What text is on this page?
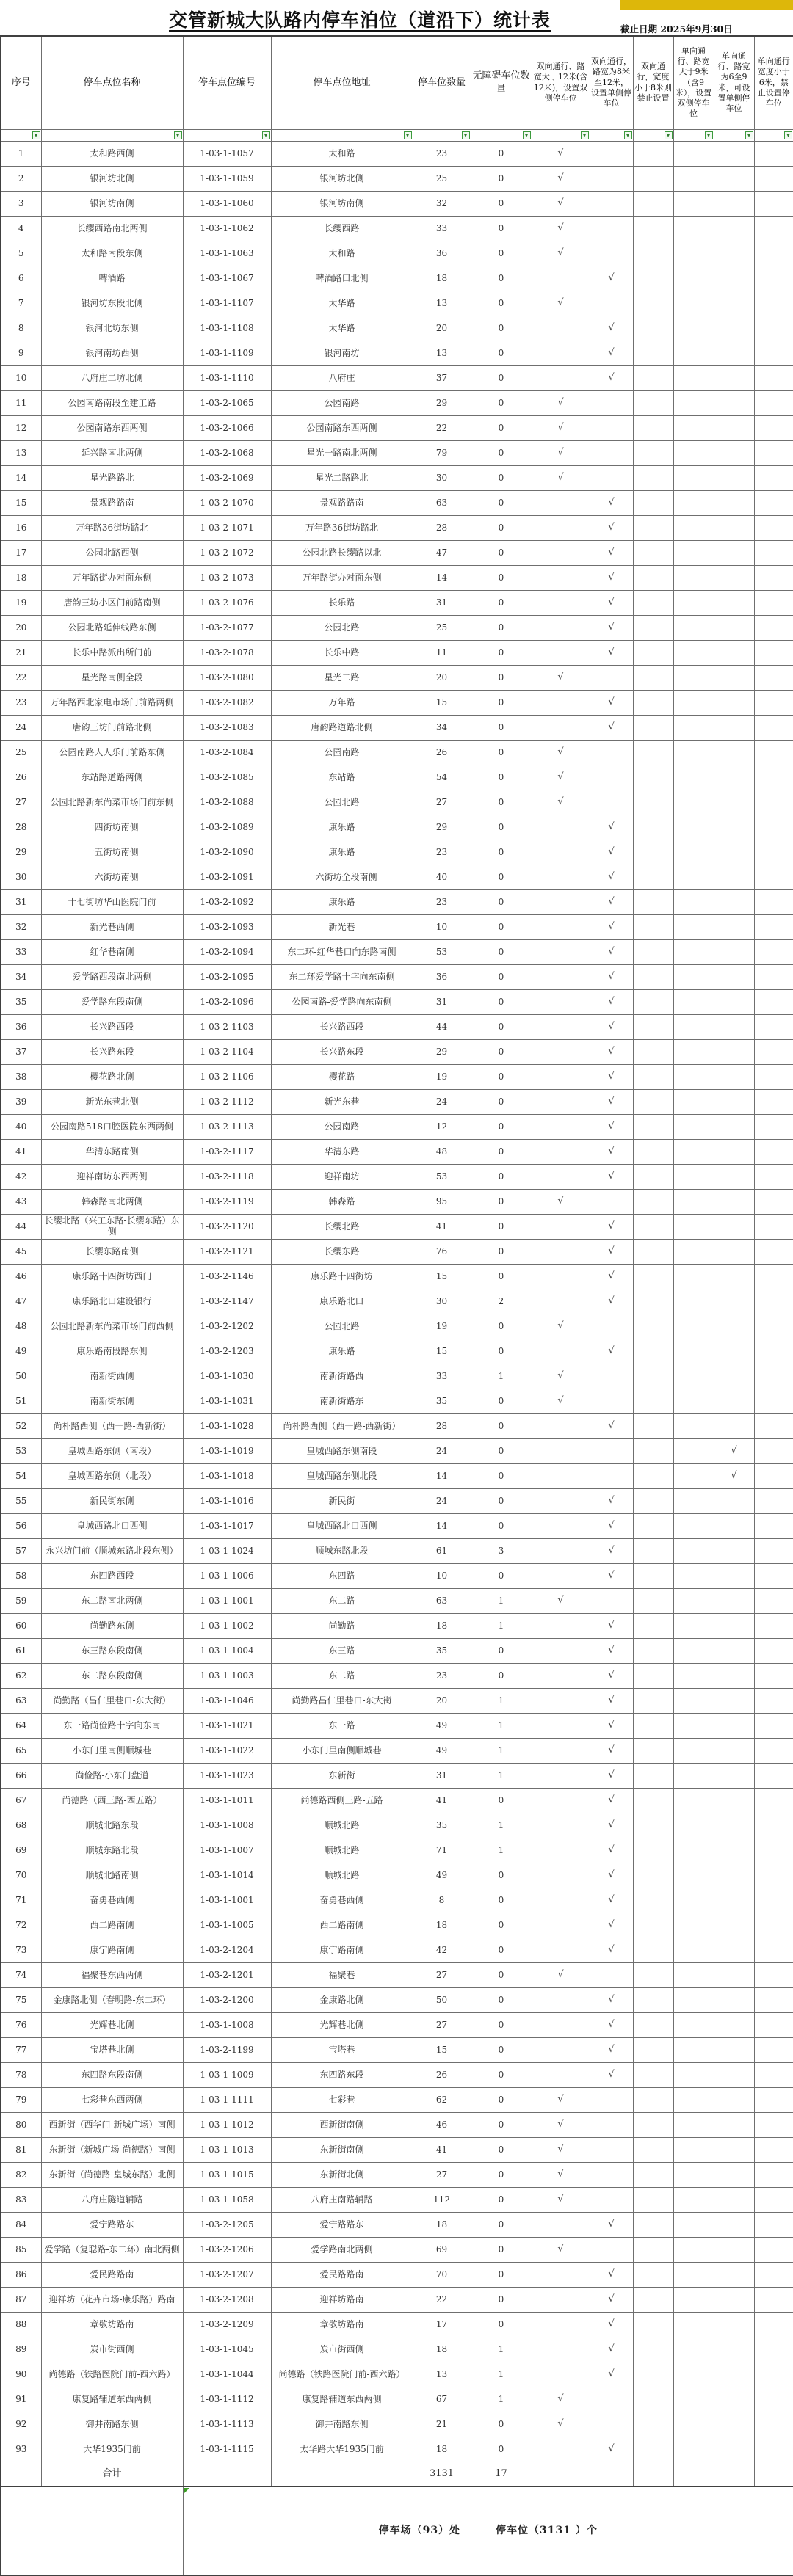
交管新城大队路内停车泊位（道沿下）统计表	截止日期 2025年9月30日
序号	停车点位名称	停车点位编号	停车点位地址	停车位数量	无障碍车位数量	双向通行、路宽大于12米(含12米)，设置双侧停车位	双向通行，路宽为8米至12米，设置单侧停车位	双向通行，宽度小于8米则禁止设置	单向通行、路宽大于9米（含9米），设置双侧停车位	单向通行、路宽为6至9米，可设置单侧停车位	单向通行宽度小于6米，禁止设置停车位

▾	▾	▾	▾	▾	▾	▾	▾	▾	▾	▾	▾

1	太和路西侧	1-03-1-1057	太和路	23	0	√					
2	银河坊北侧	1-03-1-1059	银河坊北侧	25	0	√					
3	银河坊南侧	1-03-1-1060	银河坊南侧	32	0	√					
4	长缨西路南北两侧	1-03-1-1062	长缨西路	33	0	√					
5	太和路南段东侧	1-03-1-1063	太和路	36	0	√					
6	啤酒路	1-03-1-1067	啤酒路口北侧	18	0		√				
7	银河坊东段北侧	1-03-1-1107	太华路	13	0	√					
8	银河北坊东侧	1-03-1-1108	太华路	20	0		√				
9	银河南坊西侧	1-03-1-1109	银河南坊	13	0		√				
10	八府庄二坊北侧	1-03-1-1110	八府庄	37	0		√				
11	公园南路南段至建工路	1-03-2-1065	公园南路	29	0	√					
12	公园南路东西两侧	1-03-2-1066	公园南路东西两侧	22	0	√					
13	延兴路南北两侧	1-03-2-1068	星光一路南北两侧	79	0	√					
14	星光路路北	1-03-2-1069	星光二路路北	30	0	√					
15	景观路路南	1-03-2-1070	景观路路南	63	0		√				
16	万年路36街坊路北	1-03-2-1071	万年路36街坊路北	28	0		√				
17	公园北路西侧	1-03-2-1072	公园北路长缨路以北	47	0		√				
18	万年路街办对面东侧	1-03-2-1073	万年路街办对面东侧	14	0		√				
19	唐韵三坊小区门前路南侧	1-03-2-1076	长乐路	31	0		√				
20	公园北路延伸线路东侧	1-03-2-1077	公园北路	25	0		√				
21	长乐中路派出所门前	1-03-2-1078	长乐中路	11	0		√				
22	星光路南侧全段	1-03-2-1080	星光二路	20	0	√					
23	万年路西北家电市场门前路两侧	1-03-2-1082	万年路	15	0		√				
24	唐韵三坊门前路北侧	1-03-2-1083	唐韵路道路北侧	34	0		√				
25	公园南路人人乐门前路东侧	1-03-2-1084	公园南路	26	0	√					
26	东站路道路两侧	1-03-2-1085	东站路	54	0	√					
27	公园北路新东尚菜市场门前东侧	1-03-2-1088	公园北路	27	0	√					
28	十四街坊南侧	1-03-2-1089	康乐路	29	0		√				
29	十五街坊南侧	1-03-2-1090	康乐路	23	0		√				
30	十六街坊南侧	1-03-2-1091	十六街坊全段南侧	40	0		√				
31	十七街坊华山医院门前	1-03-2-1092	康乐路	23	0		√				
32	新光巷西侧	1-03-2-1093	新光巷	10	0		√				
33	红华巷南侧	1-03-2-1094	东二环-红华巷口向东路南侧	53	0		√				
34	爱学路西段南北两侧	1-03-2-1095	东二环爱学路十字向东南侧	36	0		√				
35	爱学路东段南侧	1-03-2-1096	公园南路-爱学路向东南侧	31	0		√				
36	长兴路西段	1-03-2-1103	长兴路西段	44	0		√				
37	长兴路东段	1-03-2-1104	长兴路东段	29	0		√				
38	樱花路北侧	1-03-2-1106	樱花路	19	0		√				
39	新光东巷北侧	1-03-2-1112	新光东巷	24	0		√				
40	公园南路518口腔医院东西两侧	1-03-2-1113	公园南路	12	0		√				
41	华清东路南侧	1-03-2-1117	华清东路	48	0		√				
42	迎祥南坊东西两侧	1-03-2-1118	迎祥南坊	53	0		√				
43	韩森路南北两侧	1-03-2-1119	韩森路	95	0	√					
44	长缨北路（兴工东路-长缨东路）东侧	1-03-2-1120	长缨北路	41	0		√				
45	长缨东路南侧	1-03-2-1121	长缨东路	76	0		√				
46	康乐路十四街坊西门	1-03-2-1146	康乐路十四街坊	15	0		√				
47	康乐路北口建设银行	1-03-2-1147	康乐路北口	30	2		√				
48	公园北路新东尚菜市场门前西侧	1-03-2-1202	公园北路	19	0	√					
49	康乐路南段路东侧	1-03-2-1203	康乐路	15	0		√				
50	南新街西侧	1-03-1-1030	南新街路西	33	1	√					
51	南新街东侧	1-03-1-1031	南新街路东	35	0	√					
52	尚朴路西侧（西一路-西新街）	1-03-1-1028	尚朴路西侧（西一路-西新街）	28	0		√				
53	皇城西路东侧（南段）	1-03-1-1019	皇城西路东侧南段	24	0					√	
54	皇城西路东侧（北段）	1-03-1-1018	皇城西路东侧北段	14	0					√	
55	新民街东侧	1-03-1-1016	新民街	24	0		√				
56	皇城西路北口西侧	1-03-1-1017	皇城西路北口西侧	14	0		√				
57	永兴坊门前（顺城东路北段东侧）	1-03-1-1024	顺城东路北段	61	3		√				
58	东四路西段	1-03-1-1006	东四路	10	0		√				
59	东二路南北两侧	1-03-1-1001	东二路	63	1	√					
60	尚勤路东侧	1-03-1-1002	尚勤路	18	1		√				
61	东三路东段南侧	1-03-1-1004	东三路	35	0		√				
62	东二路东段南侧	1-03-1-1003	东二路	23	0		√				
63	尚勤路（昌仁里巷口-东大街）	1-03-1-1046	尚勤路昌仁里巷口-东大街	20	1		√				
64	东一路尚俭路十字向东南	1-03-1-1021	东一路	49	1		√				
65	小东门里南侧顺城巷	1-03-1-1022	小东门里南侧顺城巷	49	1		√				
66	尚俭路-小东门盘道	1-03-1-1023	东新街	31	1		√				
67	尚德路（西三路-西五路）	1-03-1-1011	尚德路西侧三路-五路	41	0		√				
68	顺城北路东段	1-03-1-1008	顺城北路	35	1		√				
69	顺城东路北段	1-03-1-1007	顺城北路	71	1		√				
70	顺城北路南侧	1-03-1-1014	顺城北路	49	0		√				
71	奋勇巷西侧	1-03-1-1001	奋勇巷西侧	8	0		√				
72	西二路南侧	1-03-1-1005	西二路南侧	18	0		√				
73	康宁路南侧	1-03-2-1204	康宁路南侧	42	0		√				
74	福聚巷东西两侧	1-03-2-1201	福聚巷	27	0	√					
75	金康路北侧（春明路-东二环）	1-03-2-1200	金康路北侧	50	0		√				
76	光辉巷北侧	1-03-1-1008	光辉巷北侧	27	0		√				
77	宝塔巷北侧	1-03-2-1199	宝塔巷	15	0		√				
78	东四路东段南侧	1-03-1-1009	东四路东段	26	0		√				
79	七彩巷东西两侧	1-03-1-1111	七彩巷	62	0	√					
80	西新街（西华门-新城广场）南侧	1-03-1-1012	西新街南侧	46	0	√					
81	东新街（新城广场-尚德路）南侧	1-03-1-1013	东新街南侧	41	0	√					
82	东新街（尚德路-皇城东路）北侧	1-03-1-1015	东新街北侧	27	0	√					
83	八府庄隧道辅路	1-03-1-1058	八府庄南路辅路	112	0	√					
84	爱宁路路东	1-03-2-1205	爱宁路路东	18	0		√				
85	爱学路（复聪路-东二环）南北两侧	1-03-2-1206	爱学路南北两侧	69	0	√					
86	爱民路路南	1-03-2-1207	爱民路路南	70	0		√				
87	迎祥坊（花卉市场-康乐路）路南	1-03-2-1208	迎祥坊路南	22	0		√				
88	章敬坊路南	1-03-2-1209	章敬坊路南	17	0		√				
89	炭市街西侧	1-03-1-1045	炭市街西侧	18	1		√				
90	尚德路（铁路医院门前-西六路）	1-03-1-1044	尚德路（铁路医院门前-西六路）	13	1		√				
91	康复路辅道东西两侧	1-03-1-1112	康复路辅道东西两侧	67	1	√					
92	御井南路东侧	1-03-1-1113	御井南路东侧	21	0	√					
93	大华1935门前	1-03-1-1115	太华路大华1935门前	18	0		√				
	合计			3131	17						

停车场（93）处 停车位（3131 ）个									
